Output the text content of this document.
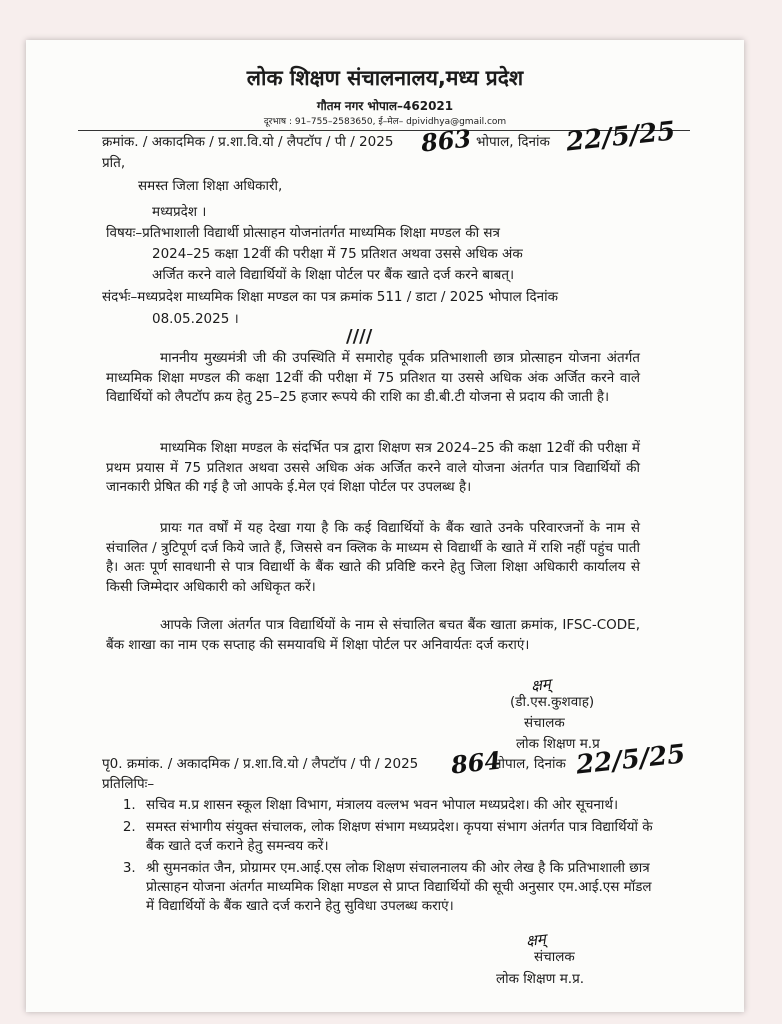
लोक शिक्षण संचालनालय,मध्य प्रदेश
गौतम नगर भोपाल–462021
दूरभाष : 91–755–2583650, ई–मेल– dpividhya@gmail.com
क्रमांक. / अकादमिक / प्र.शा.वि.यो / लैपटॉप / पी / 2025 863 भोपाल, दिनांक 22/5/25
प्रति,
समस्त जिला शिक्षा अधिकारी,
मध्यप्रदेश ।
विषयः–प्रतिभाशाली विद्यार्थी प्रोत्साहन योजनांतर्गत माध्यमिक शिक्षा मण्डल की सत्र
2024–25 कक्षा 12वीं की परीक्षा में 75 प्रतिशत अथवा उससे अधिक अंक
अर्जित करने वाले विद्यार्थियों के शिक्षा पोर्टल पर बैंक खाते दर्ज करने बाबत्।
संदर्भः–मध्यप्रदेश माध्यमिक शिक्षा मण्डल का पत्र क्रमांक 511 / डाटा / 2025 भोपाल दिनांक
08.05.2025 ।
////
माननीय मुख्यमंत्री जी की उपस्थिति में समारोह पूर्वक प्रतिभाशाली छात्र प्रोत्साहन योजना अंतर्गत माध्यमिक शिक्षा मण्डल की कक्षा 12वीं की परीक्षा में 75 प्रतिशत या उससे अधिक अंक अर्जित करने वाले विद्यार्थियों को लैपटॉप क्रय हेतु 25–25 हजार रूपये की राशि का डी.बी.टी योजना से प्रदाय की जाती है।
माध्यमिक शिक्षा मण्डल के संदर्भित पत्र द्वारा शिक्षण सत्र 2024–25 की कक्षा 12वीं की परीक्षा में प्रथम प्रयास में 75 प्रतिशत अथवा उससे अधिक अंक अर्जित करने वाले योजना अंतर्गत पात्र विद्यार्थियों की जानकारी प्रेषित की गई है जो आपके ई.मेल एवं शिक्षा पोर्टल पर उपलब्ध है।
प्रायः गत वर्षों में यह देखा गया है कि कई विद्यार्थियों के बैंक खाते उनके परिवारजनों के नाम से संचालित / त्रुटिपूर्ण दर्ज किये जाते हैं, जिससे वन क्लिक के माध्यम से विद्यार्थी के खाते में राशि नहीं पहुंच पाती है। अतः पूर्ण सावधानी से पात्र विद्यार्थी के बैंक खाते की प्रविष्टि करने हेतु जिला शिक्षा अधिकारी कार्यालय से किसी जिम्मेदार अधिकारी को अधिकृत करें।
आपके जिला अंतर्गत पात्र विद्यार्थियों के नाम से संचालित बचत बैंक खाता क्रमांक, IFSC-CODE, बैंक शाखा का नाम एक सप्ताह की समयावधि में शिक्षा पोर्टल पर अनिवार्यतः दर्ज कराएं।
क्षम्
(डी.एस.कुशवाह)
संचालक
लोक शिक्षण म.प्र
पृ0. क्रमांक. / अकादमिक / प्र.शा.वि.यो / लैपटॉप / पी / 2025 864
भोपाल, दिनांक 22/5/25
प्रतिलिपिः–
1. सचिव म.प्र शासन स्कूल शिक्षा विभाग, मंत्रालय वल्लभ भवन भोपाल मध्यप्रदेश। की ओर सूचनार्थ।
2. समस्त संभागीय संयुक्त संचालक, लोक शिक्षण संभाग मध्यप्रदेश। कृपया संभाग अंतर्गत पात्र विद्यार्थियों के बैंक खाते दर्ज कराने हेतु समन्वय करें।
3. श्री सुमनकांत जैन, प्रोग्रामर एम.आई.एस लोक शिक्षण संचालनालय की ओर लेख है कि प्रतिभाशाली छात्र प्रोत्साहन योजना अंतर्गत माध्यमिक शिक्षा मण्डल से प्राप्त विद्यार्थियों की सूची अनुसार एम.आई.एस मॉडल में विद्यार्थियों के बैंक खाते दर्ज कराने हेतु सुविधा उपलब्ध कराएं।
क्षम्
संचालक
लोक शिक्षण म.प्र.
